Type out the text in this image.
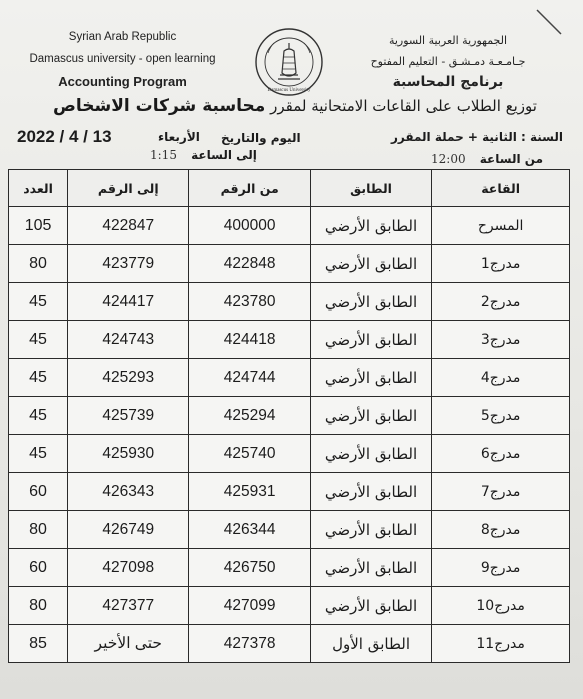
Syrian Arab Republic
Damascus university - open learning
Accounting Program
Damascus University
الجمهورية العربية السورية
جـامـعـة دمـشـق - التعليم المفتوح
برنامج المحاسبة
توزيع الطلاب على القاعات الامتحانية لمقرر محاسبة شركات الاشخاص
السنة : الثانية + حملة المقرر
اليوم والتاريخ
الأربعاء
2022 / 4 / 13
من الساعة 12:00
إلى الساعة 1:15
القاعة	الطابق	من الرقم	إلى الرقم	العدد
المسرح	الطابق الأرضي	400000	422847	105
مدرج1	الطابق الأرضي	422848	423779	80
مدرج2	الطابق الأرضي	423780	424417	45
مدرج3	الطابق الأرضي	424418	424743	45
مدرج4	الطابق الأرضي	424744	425293	45
مدرج5	الطابق الأرضي	425294	425739	45
مدرج6	الطابق الأرضي	425740	425930	45
مدرج7	الطابق الأرضي	425931	426343	60
مدرج8	الطابق الأرضي	426344	426749	80
مدرج9	الطابق الأرضي	426750	427098	60
مدرج10	الطابق الأرضي	427099	427377	80
مدرج11	الطابق الأول	427378	حتى الأخير	85
